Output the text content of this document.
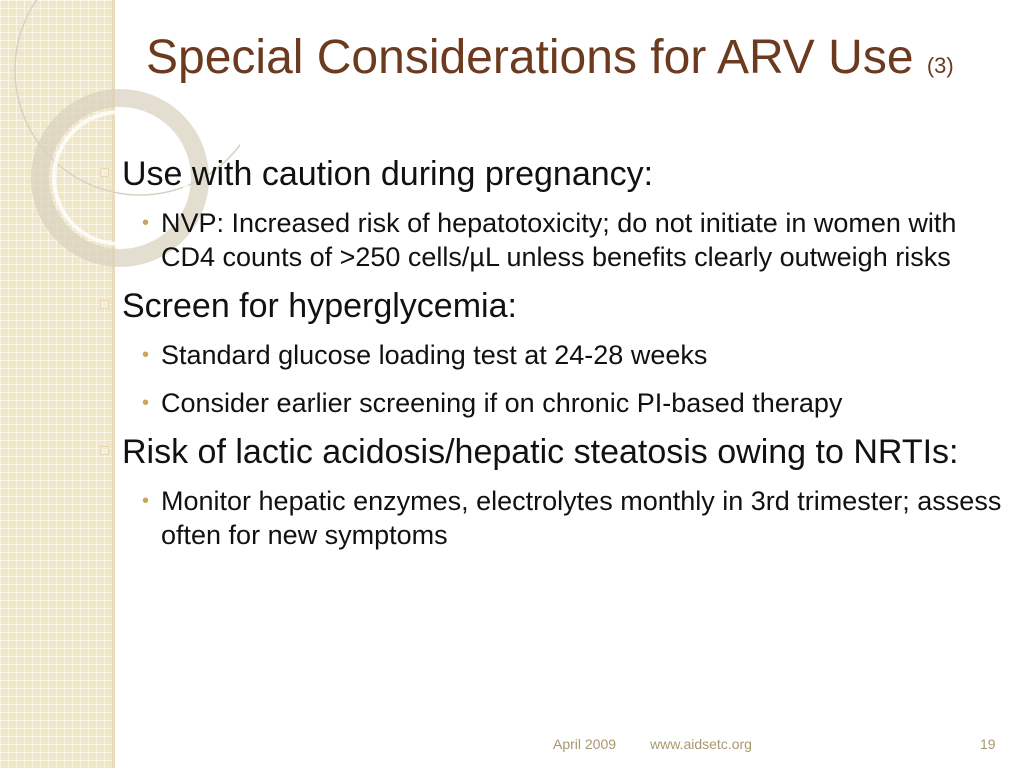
Special Considerations for ARV Use (3)
Use with caution during pregnancy:
• NVP: Increased risk of hepatotoxicity; do not initiate in women with CD4 counts of >250 cells/µL unless benefits clearly outweigh risks
Screen for hyperglycemia:
• Standard glucose loading test at 24-28 weeks
• Consider earlier screening if on chronic PI-based therapy
Risk of lactic acidosis/hepatic steatosis owing to NRTIs:
• Monitor hepatic enzymes, electrolytes monthly in 3rd trimester; assess often for new symptoms
April 2009 www.aidsetc.org	19
